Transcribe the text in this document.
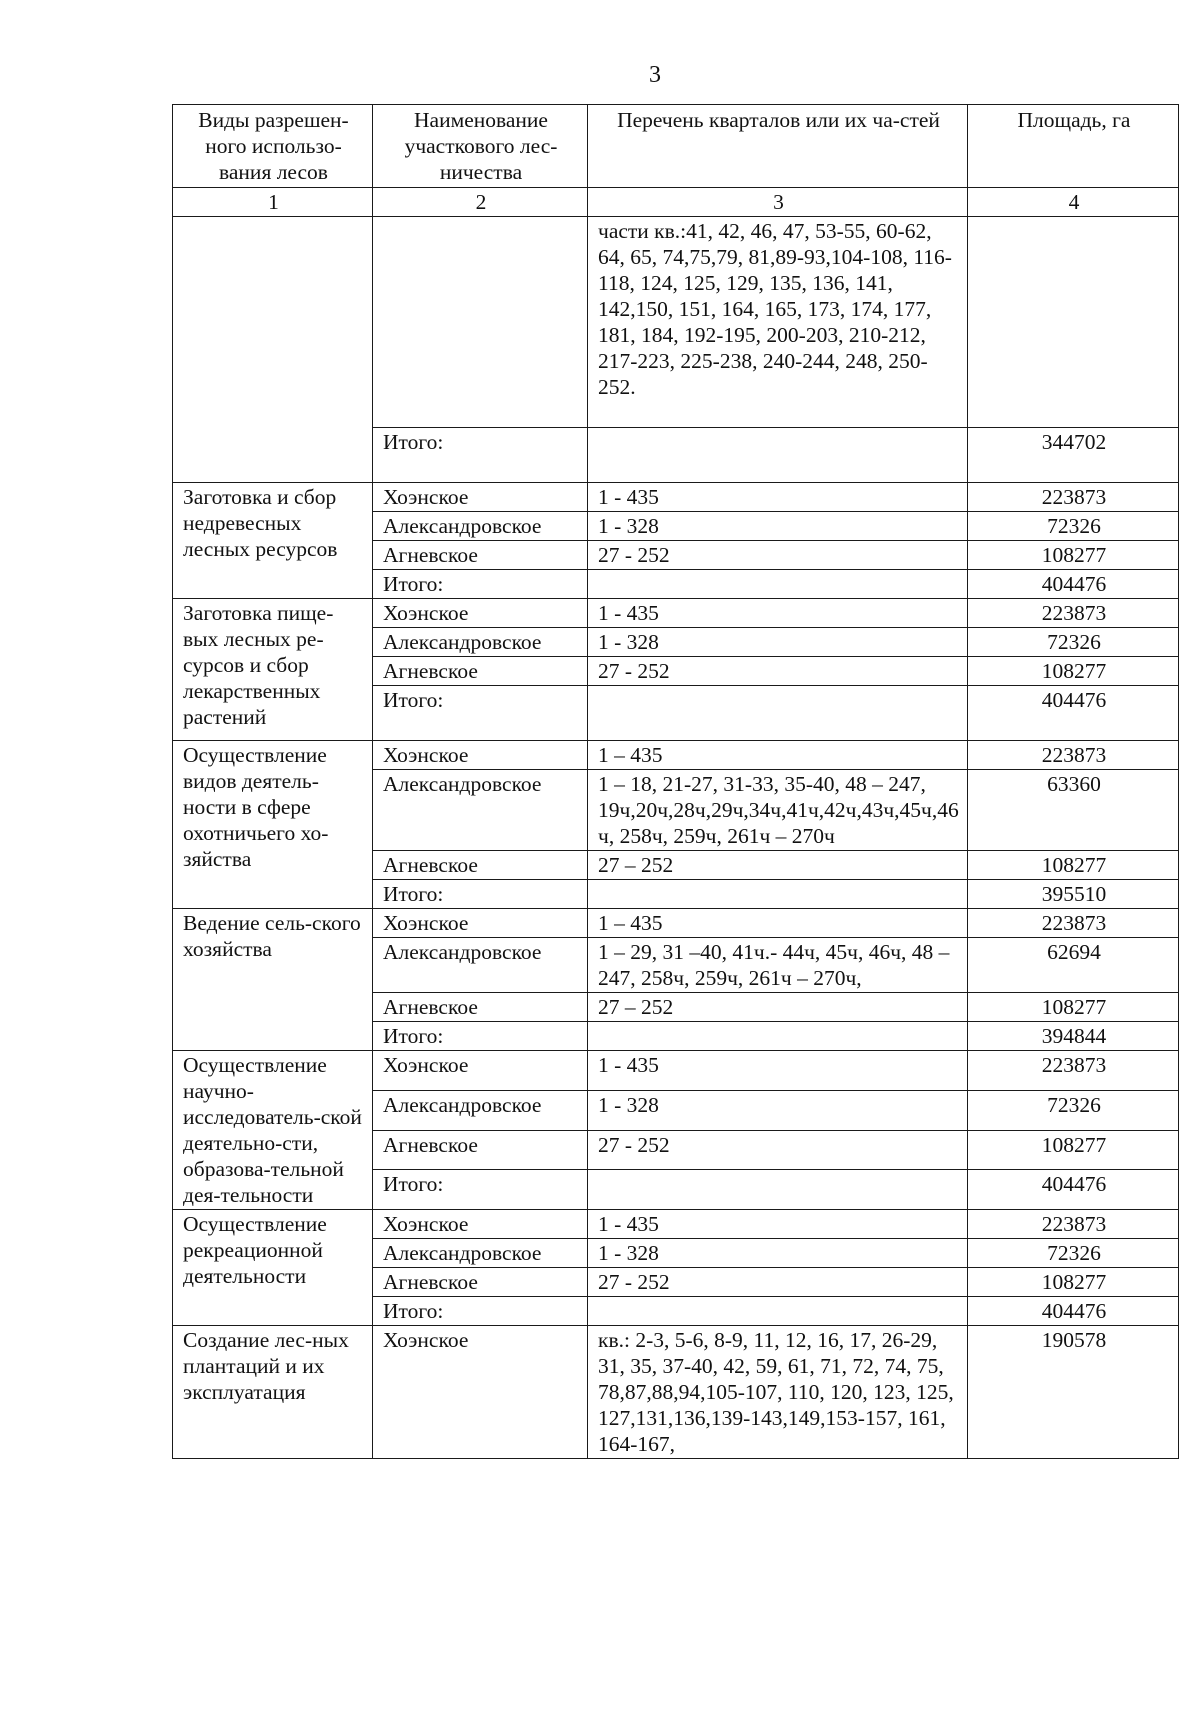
3
Виды разрешен-ного использо-вания лесов	Наименование участкового лес-ничества	Перечень кварталов или их ча-стей	Площадь, га
1	2	3	4
		части кв.:41, 42, 46, 47, 53-55, 60-62, 64, 65, 74,75,79, 81,89-93,104-108, 116-118, 124, 125, 129, 135, 136, 141, 142,150, 151, 164, 165, 173, 174, 177, 181, 184, 192-195, 200-203, 210-212, 217-223, 225-238, 240-244, 248, 250-252.

	Итого:		344702
Заготовка и сбор недревесных лесных ресурсов	Хоэнское	1 - 435	223873
	Александровское	1 - 328	72326
	Агневское	27 - 252	108277
	Итого:		404476
Заготовка пище-вых лесных ре-сурсов и сбор лекарственных растений	Хоэнское	1 - 435	223873
	Александровское	1 - 328	72326
	Агневское	27 - 252	108277
	Итого:		404476
Осуществление видов деятель-ности в сфере охотничьего хо-зяйства	Хоэнское	1 – 435	223873
	Александровское	1 – 18, 21-27, 31-33, 35-40, 48 – 247, 19ч,20ч,28ч,29ч,34ч,41ч,42ч,43ч,45ч,46ч, 258ч, 259ч, 261ч – 270ч	63360
	Агневское	27 – 252	108277
	Итого:		395510
Ведение сель-ского хозяйства	Хоэнское	1 – 435	223873
	Александровское	1 – 29, 31 –40, 41ч.- 44ч, 45ч, 46ч, 48 – 247, 258ч, 259ч, 261ч – 270ч,	62694
	Агневское	27 – 252	108277
	Итого:		394844
Осуществление научно-исследователь-ской деятельно-сти, образова-тельной дея-тельности	Хоэнское	1 - 435	223873
	Александровское	1 - 328	72326
	Агневское	27 - 252	108277
	Итого:		404476
Осуществление рекреационной деятельности	Хоэнское	1 - 435	223873
	Александровское	1 - 328	72326
	Агневское	27 - 252	108277
	Итого:		404476
Создание лес-ных плантаций и их эксплуатация	Хоэнское	кв.: 2-3, 5-6, 8-9, 11, 12, 16, 17, 26-29, 31, 35, 37-40, 42, 59, 61, 71, 72, 74, 75, 78,87,88,94,105-107, 110, 120, 123, 125, 127,131,136,139-143,149,153-157, 161, 164-167,	190578
